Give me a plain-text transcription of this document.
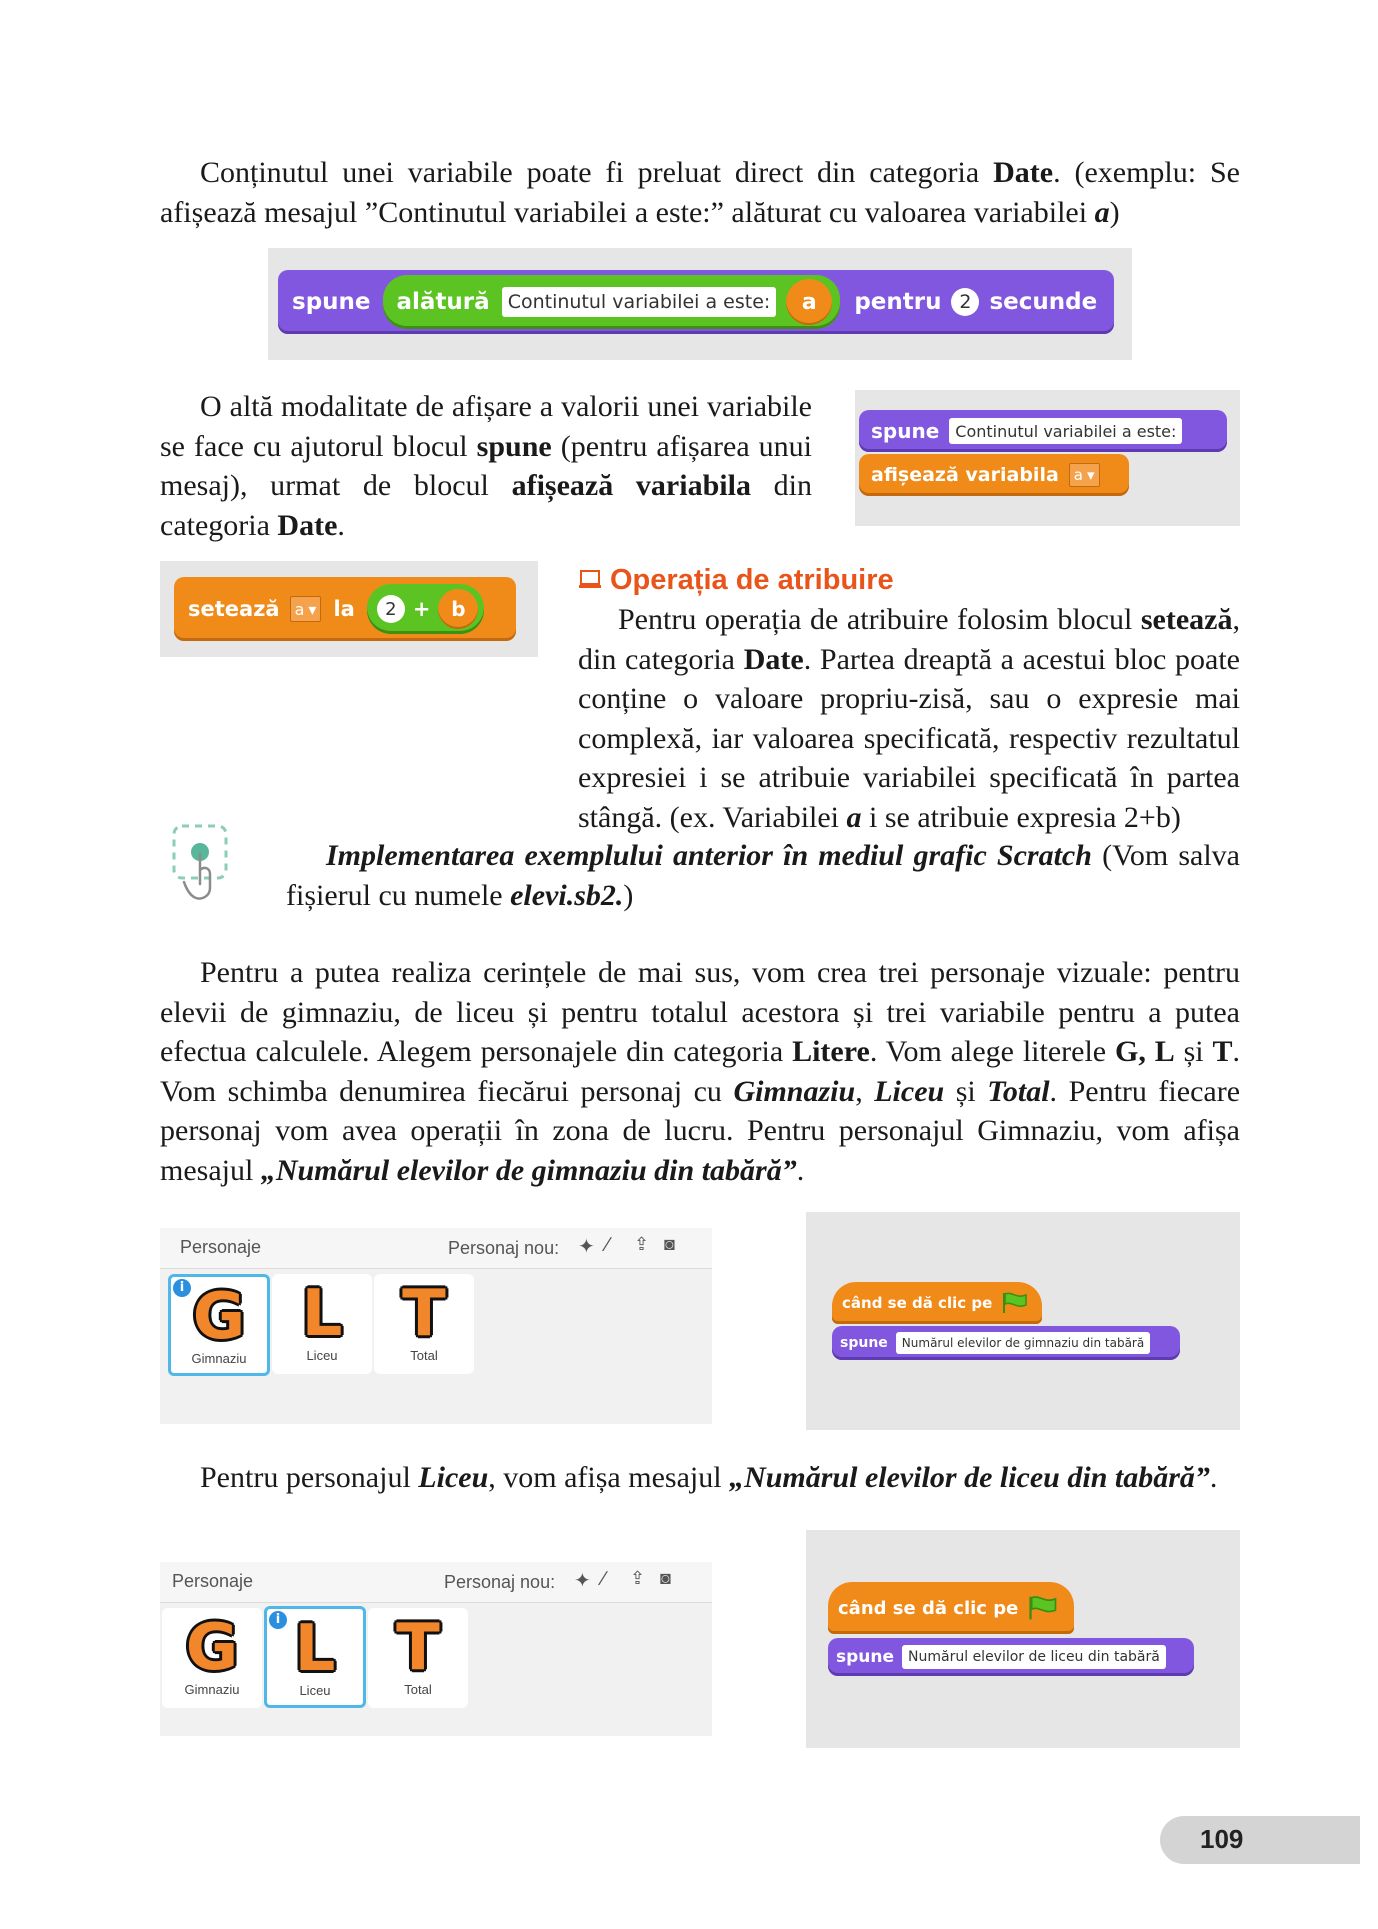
Conținutul unei variabile poate fi preluat direct din categoria Date. (exemplu: Se afișează mesajul ”Continutul variabilei a este:” alăturat cu valoarea variabilei a)
spune alătură Continutul variabilei a este: a pentru 2 secunde
O altă modalitate de afișare a valorii unei variabile se face cu ajutorul blocul spune (pentru afișarea unui mesaj), urmat de blocul afișează variabila din categoria Date.
spune	Continutul variabilei a este:
afișează variabila a ▾
setează a ▾ la	2 + b
Operația de atribuire
Pentru operația de atribuire folosim blocul setează, din categoria Date. Partea dreaptă a acestui bloc poate conține o valoare propriu-zisă, sau o expresie mai complexă, iar valoarea specificată, respectiv rezultatul expresiei i se atribuie variabilei specificată în partea stângă. (ex. Variabilei a i se atribuie expresia 2+b)
Implementarea exemplului anterior în mediul grafic Scratch (Vom salva fișierul cu numele elevi.sb2.)
Pentru a putea realiza cerințele de mai sus, vom crea trei personaje vizuale: pentru elevii de gimnaziu, de liceu și pentru totalul acestora și trei variabile pentru a putea efectua calculele. Alegem personajele din categoria Litere. Vom alege literele G, L și T. Vom schimba denumirea fiecărui personaj cu Gimnaziu, Liceu și Total. Pentru fiecare personaj vom avea operații în zona de lucru. Pentru personajul Gimnaziu, vom afișa mesajul „Numărul elevilor de gimnaziu din tabără”.
Personaje	Personaj nou: ✦ ∕ ⇪ ◙
i G
Gimnaziu
L
Liceu
T
Total
când se dă clic pe
spune	Numărul elevilor de gimnaziu din tabără
Pentru personajul Liceu, vom afișa mesajul „Numărul elevilor de liceu din tabără”.
Personaje	Personaj nou: ✦ ∕ ⇪ ◙
G
Gimnaziu
i L
Liceu
T
Total
când se dă clic pe
spune	Numărul elevilor de liceu din tabără
109
